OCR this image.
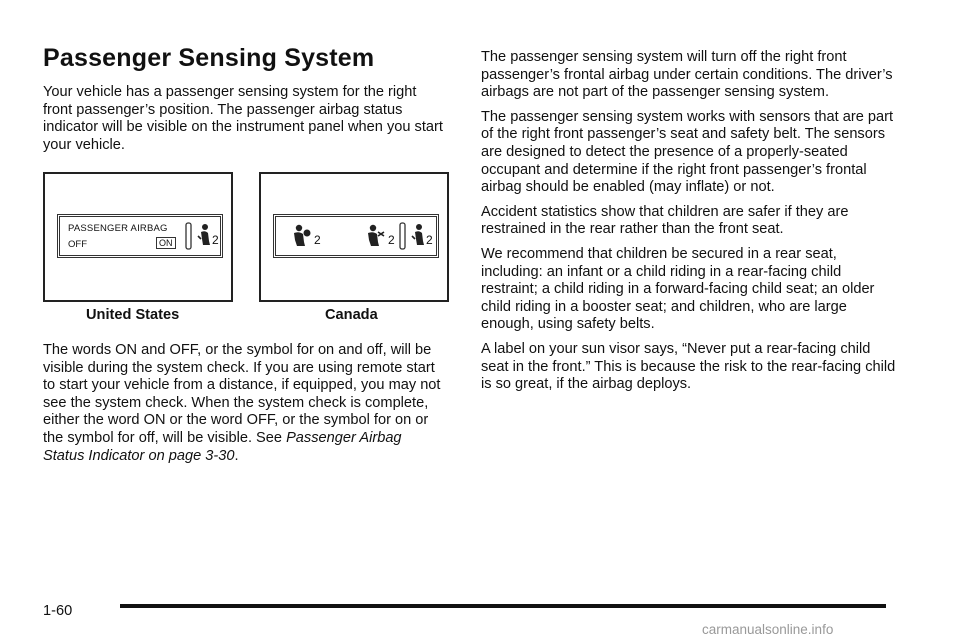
Passenger Sensing System

Your vehicle has a passenger sensing system for the right front passenger’s position. The passenger airbag status indicator will be visible on the instrument panel when you start your vehicle.

PASSENGER AIRBAG
OFF	ON	2	2	2	2
United States	Canada

The words ON and OFF, or the symbol for on and off, will be visible during the system check. If you are using remote start to start your vehicle from a distance, if equipped, you may not see the system check. When the system check is complete, either the word ON or the word OFF, or the symbol for on or the symbol for off, will be visible. See Passenger Airbag Status Indicator on page 3-30.

The passenger sensing system will turn off the right front passenger’s frontal airbag under certain conditions. The driver’s airbags are not part of the passenger sensing system.

The passenger sensing system works with sensors that are part of the right front passenger’s seat and safety belt. The sensors are designed to detect the presence of a properly-seated occupant and determine if the right front passenger’s frontal airbag should be enabled (may inflate) or not.

Accident statistics show that children are safer if they are restrained in the rear rather than the front seat.

We recommend that children be secured in a rear seat, including: an infant or a child riding in a rear-facing child restraint; a child riding in a forward-facing child seat; an older child riding in a booster seat; and children, who are large enough, using safety belts.

A label on your sun visor says, “Never put a rear-facing child seat in the front.” This is because the risk to the rear-facing child is so great, if the airbag deploys.

1-60
carmanualsonline.info
